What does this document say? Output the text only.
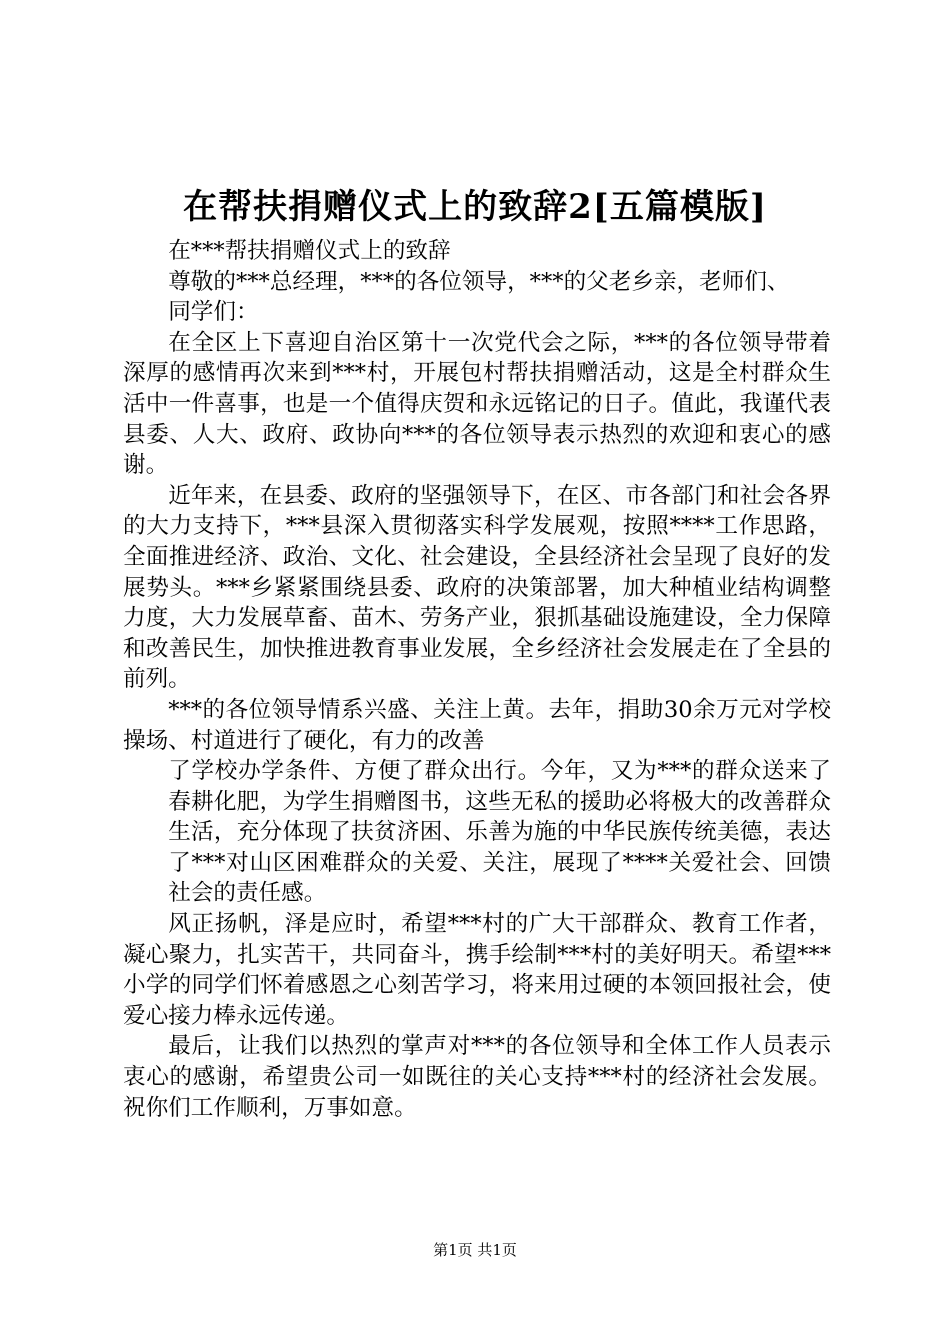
在帮扶捐赠仪式上的致辞2[五篇模版]

在***帮扶捐赠仪式上的致辞

尊敬的***总经理，***的各位领导，***的父老乡亲，老师们、

同学们：

在全区上下喜迎自治区第十一次党代会之际，***的各位领导带着深厚的感情再次来到***村，开展包村帮扶捐赠活动，这是全村群众生活中一件喜事，也是一个值得庆贺和永远铭记的日子。值此，我谨代表县委、人大、政府、政协向***的各位领导表示热烈的欢迎和衷心的感谢。

近年来，在县委、政府的坚强领导下，在区、市各部门和社会各界的大力支持下，***县深入贯彻落实科学发展观，按照****工作思路，全面推进经济、政治、文化、社会建设，全县经济社会呈现了良好的发展势头。***乡紧紧围绕县委、政府的决策部署，加大种植业结构调整力度，大力发展草畜、苗木、劳务产业，狠抓基础设施建设，全力保障和改善民生，加快推进教育事业发展，全乡经济社会发展走在了全县的前列。

***的各位领导情系兴盛、关注上黄。去年，捐助30余万元对学校操场、村道进行了硬化，有力的改善

了学校办学条件、方便了群众出行。今年，又为***的群众送来了春耕化肥，为学生捐赠图书，这些无私的援助必将极大的改善群众生活，充分体现了扶贫济困、乐善为施的中华民族传统美德，表达了***对山区困难群众的关爱、关注，展现了****关爱社会、回馈社会的责任感。

风正扬帆，泽是应时，希望***村的广大干部群众、教育工作者，凝心聚力，扎实苦干，共同奋斗，携手绘制***村的美好明天。希望***小学的同学们怀着感恩之心刻苦学习，将来用过硬的本领回报社会，使爱心接力棒永远传递。

最后，让我们以热烈的掌声对***的各位领导和全体工作人员表示衷心的感谢，希望贵公司一如既往的关心支持***村的经济社会发展。祝你们工作顺利，万事如意。

第1页 共1页
